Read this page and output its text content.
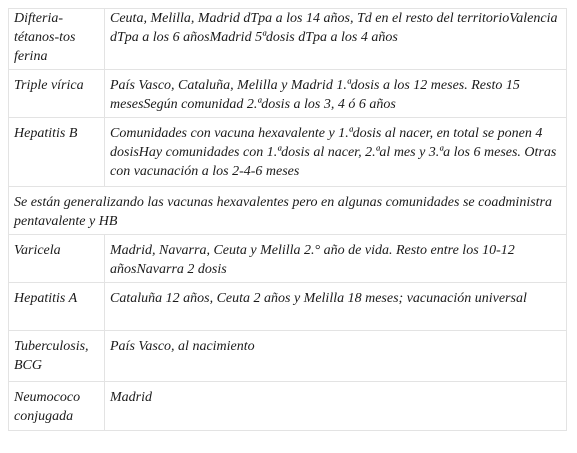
Difteria-tétanos-tos ferina	Ceuta, Melilla, Madrid dTpa a los 14 años, Td en el resto del territorioValencia dTpa a los 6 añosMadrid 5ªdosis dTpa a los 4 años
Triple vírica	País Vasco, Cataluña, Melilla y Madrid 1.ªdosis a los 12 meses. Resto 15 mesesSegún comunidad 2.ªdosis a los 3, 4 ó 6 años
Hepatitis B	Comunidades con vacuna hexavalente y 1.ªdosis al nacer, en total se ponen 4 dosisHay comunidades con 1.ªdosis al nacer, 2.ªal mes y 3.ªa los 6 meses. Otras con vacunación a los 2-4-6 meses
Se están generalizando las vacunas hexavalentes pero en algunas comunidades se coadministra pentavalente y HB	
Varicela	Madrid, Navarra, Ceuta y Melilla 2.° año de vida. Resto entre los 10-12 añosNavarra 2 dosis
Hepatitis A	Cataluña 12 años, Ceuta 2 años y Melilla 18 meses; vacunación universal
Tuberculosis, BCG	País Vasco, al nacimiento
Neumococo conjugada	Madrid
